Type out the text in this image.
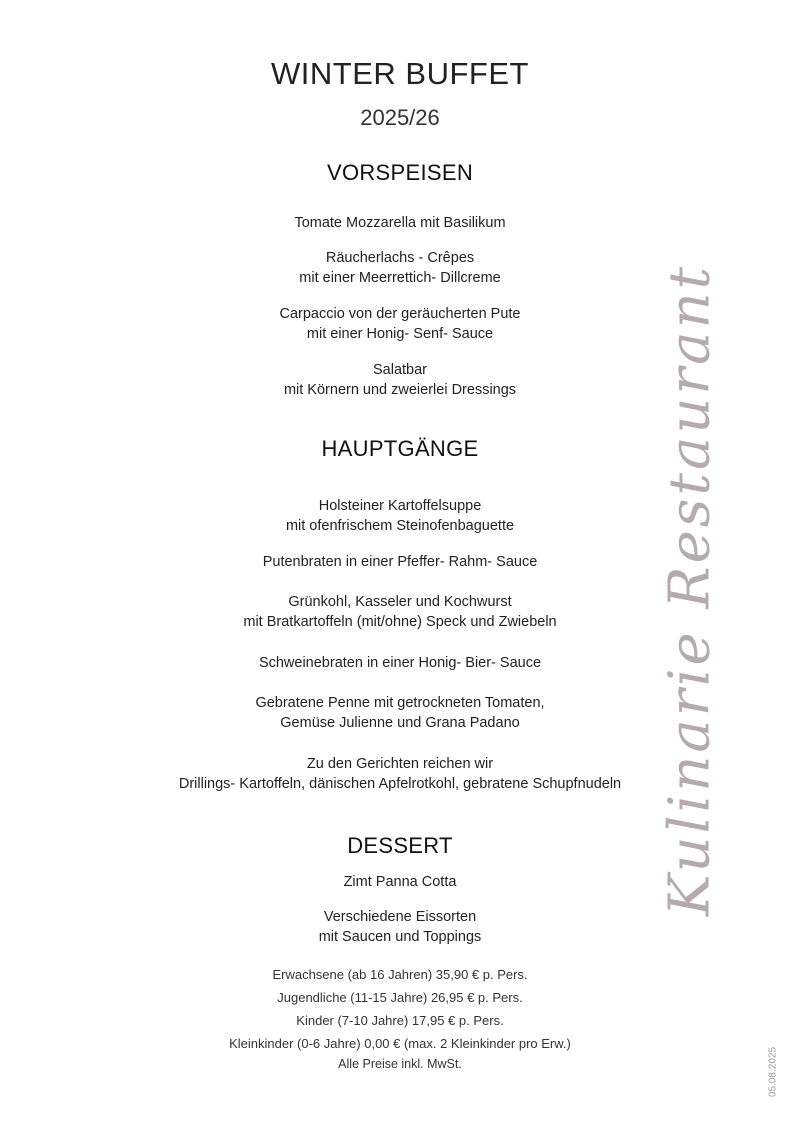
WINTER BUFFET
2025/26
VORSPEISEN
Tomate Mozzarella mit Basilikum
Räucherlachs - Crêpes
mit einer Meerrettich- Dillcreme
Carpaccio von der geräucherten Pute
mit einer Honig- Senf- Sauce
Salatbar
mit Körnern und zweierlei Dressings
HAUPTGÄNGE
Holsteiner Kartoffelsuppe
mit ofenfrischem Steinofenbaguette
Putenbraten in einer Pfeffer- Rahm- Sauce
Grünkohl, Kasseler und Kochwurst
mit Bratkartoffeln (mit/ohne) Speck und Zwiebeln
Schweinebraten in einer Honig- Bier- Sauce
Gebratene Penne mit getrockneten Tomaten,
Gemüse Julienne und Grana Padano
Zu den Gerichten reichen wir
Drillings- Kartoffeln, dänischen Apfelrotkohl, gebratene Schupfnudeln
DESSERT
Zimt Panna Cotta
Verschiedene Eissorten
mit Saucen und Toppings
Erwachsene (ab 16 Jahren) 35,90 € p. Pers.
Jugendliche (11-15 Jahre) 26,95 € p. Pers.
Kinder (7-10 Jahre) 17,95 € p. Pers.
Kleinkinder (0-6 Jahre) 0,00 € (max. 2 Kleinkinder pro Erw.)
Alle Preise inkl. MwSt.
Kulinarie Restaurant
05.08.2025
